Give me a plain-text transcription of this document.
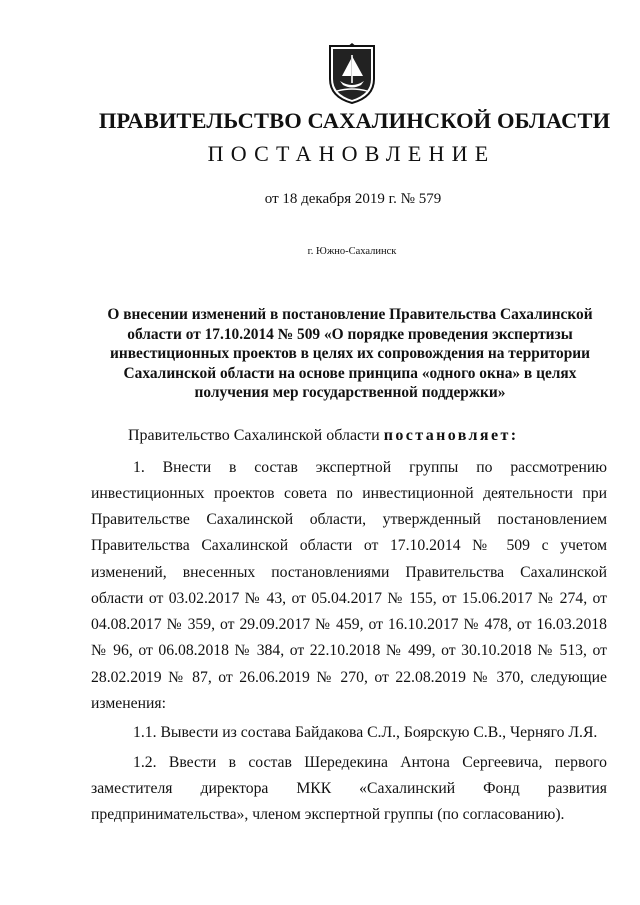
ПРАВИТЕЛЬСТВО САХАЛИНСКОЙ ОБЛАСТИ
ПОСТАНОВЛЕНИЕ
от 18 декабря 2019 г. № 579
г. Южно-Сахалинск
О внесении изменений в постановление Правительства Сахалинской
области от 17.10.2014 № 509 «О порядке проведения экспертизы
инвестиционных проектов в целях их сопровождения на территории
Сахалинской области на основе принципа «одного окна» в целях
получения мер государственной поддержки»
Правительство Сахалинской области постановляет:
1. Внести в состав экспертной группы по рассмотрению
инвестиционных проектов совета по инвестиционной деятельности при
Правительстве Сахалинской области, утвержденный постановлением
Правительства Сахалинской области от 17.10.2014 № 509 с учетом
изменений, внесенных постановлениями Правительства Сахалинской
области от 03.02.2017 № 43, от 05.04.2017 № 155, от 15.06.2017 № 274, от
04.08.2017 № 359, от 29.09.2017 № 459, от 16.10.2017 № 478, от 16.03.2018
№ 96, от 06.08.2018 № 384, от 22.10.2018 № 499, от 30.10.2018 № 513, от
28.02.2019 № 87, от 26.06.2019 № 270, от 22.08.2019 № 370, следующие
изменения:
1.1. Вывести из состава Байдакова С.Л., Боярскую С.В., Черняго Л.Я.
1.2. Ввести в состав Шередекина Антона Сергеевича, первого
заместителя директора МКК «Сахалинский Фонд развития
предпринимательства», членом экспертной группы (по согласованию).
